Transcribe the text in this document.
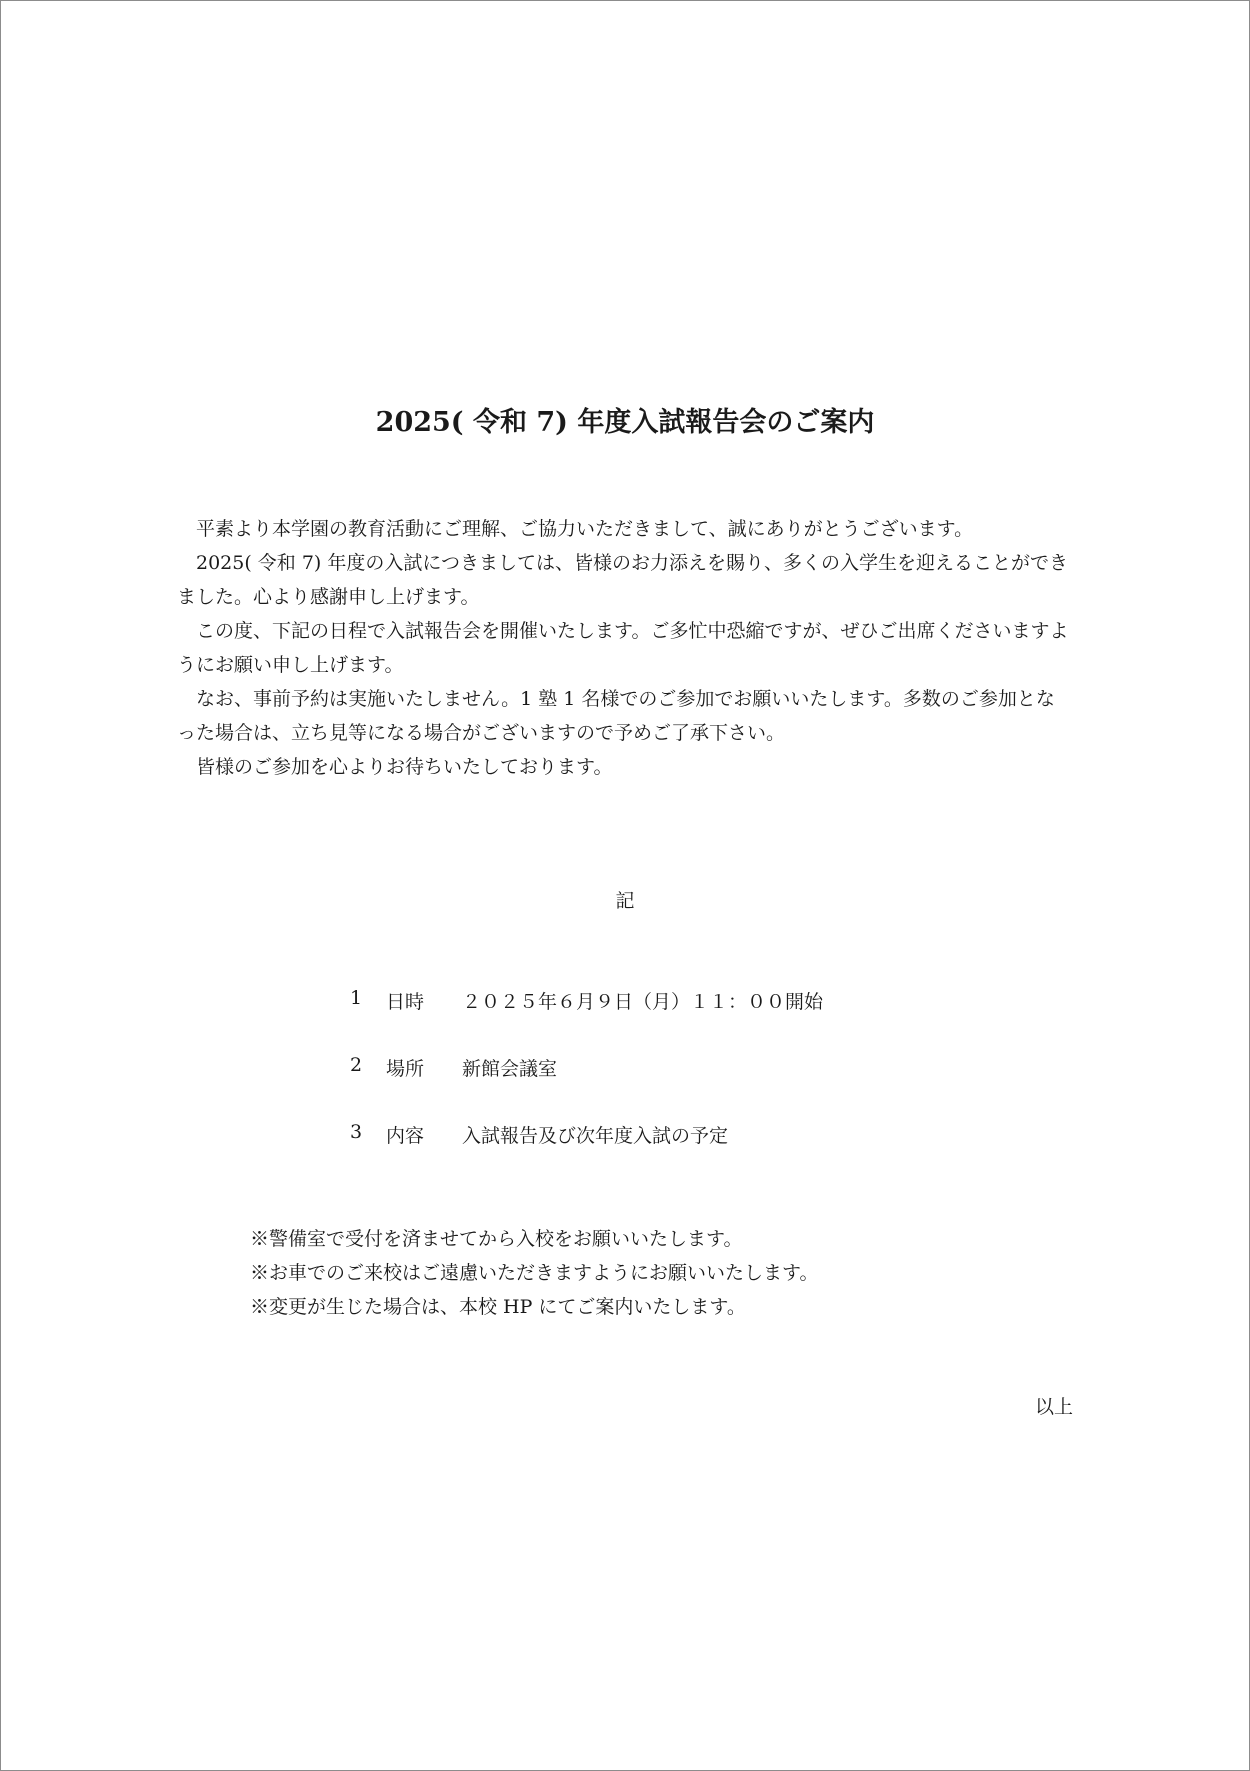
2025( 令和 7) 年度入試報告会のご案内

平素より本学園の教育活動にご理解、ご協力いただきまして、誠にありがとうございます。

2025( 令和 7) 年度の入試につきましては、皆様のお力添えを賜り、多くの入学生を迎えることができました。心より感謝申し上げます。

この度、下記の日程で入試報告会を開催いたします。ご多忙中恐縮ですが、ぜひご出席くださいますようにお願い申し上げます。

なお、事前予約は実施いたしません。1 塾 1 名様でのご参加でお願いいたします。多数のご参加となった場合は、立ち見等になる場合がございますので予めご了承下さい。

皆様のご参加を心よりお待ちいたしております。

記
1	日時	２０２５年６月９日（月）１１：００開始
2	場所	新館会議室
3	内容	入試報告及び次年度入試の予定
※警備室で受付を済ませてから入校をお願いいたします。
※お車でのご来校はご遠慮いただきますようにお願いいたします。
※変更が生じた場合は、本校 HP にてご案内いたします。
以上
